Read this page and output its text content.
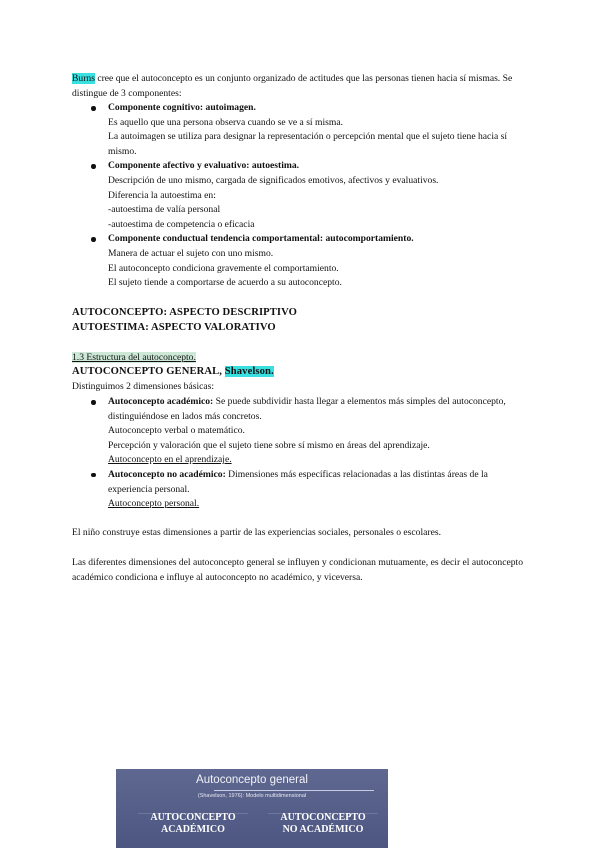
Burns cree que el autoconcepto es un conjunto organizado de actitudes que las personas tienen hacia sí mismas. Se distingue de 3 componentes:
Componente cognitivo: autoimagen.
Es aquello que una persona observa cuando se ve a sí misma.
La autoimagen se utiliza para designar la representación o percepción mental que el sujeto tiene hacia sí mismo.
Componente afectivo y evaluativo: autoestima.
Descripción de uno mismo, cargada de significados emotivos, afectivos y evaluativos.
Diferencia la autoestima en:
-autoestima de valía personal
-autoestima de competencia o eficacia
Componente conductual tendencia comportamental: autocomportamiento.
Manera de actuar el sujeto con uno mismo.
El autoconcepto condiciona gravemente el comportamiento.
El sujeto tiende a comportarse de acuerdo a su autoconcepto.
AUTOCONCEPTO: ASPECTO DESCRIPTIVO
AUTOESTIMA: ASPECTO VALORATIVO
1.3 Estructura del autoconcepto.
AUTOCONCEPTO GENERAL, Shavelson.
Distinguimos 2 dimensiones básicas:
Autoconcepto académico: Se puede subdividir hasta llegar a elementos más simples del autoconcepto, distinguiéndose en lados más concretos.
Autoconcepto verbal o matemático.
Percepción y valoración que el sujeto tiene sobre sí mismo en áreas del aprendizaje.
Autoconcepto en el aprendizaje.
Autoconcepto no académico: Dimensiones más específicas relacionadas a las distintas áreas de la experiencia personal.
Autoconcepto personal.
El niño construye estas dimensiones a partir de las experiencias sociales, personales o escolares.
Las diferentes dimensiones del autoconcepto general se influyen y condicionan mutuamente, es decir el autoconcepto académico condiciona e influye al autoconcepto no académico, y viceversa.
Autoconcepto general
(Shavelson, 1976): Modelo multidimensional
AUTOCONCEPTO
ACADÉMICO
AUTOCONCEPTO
NO ACADÉMICO
